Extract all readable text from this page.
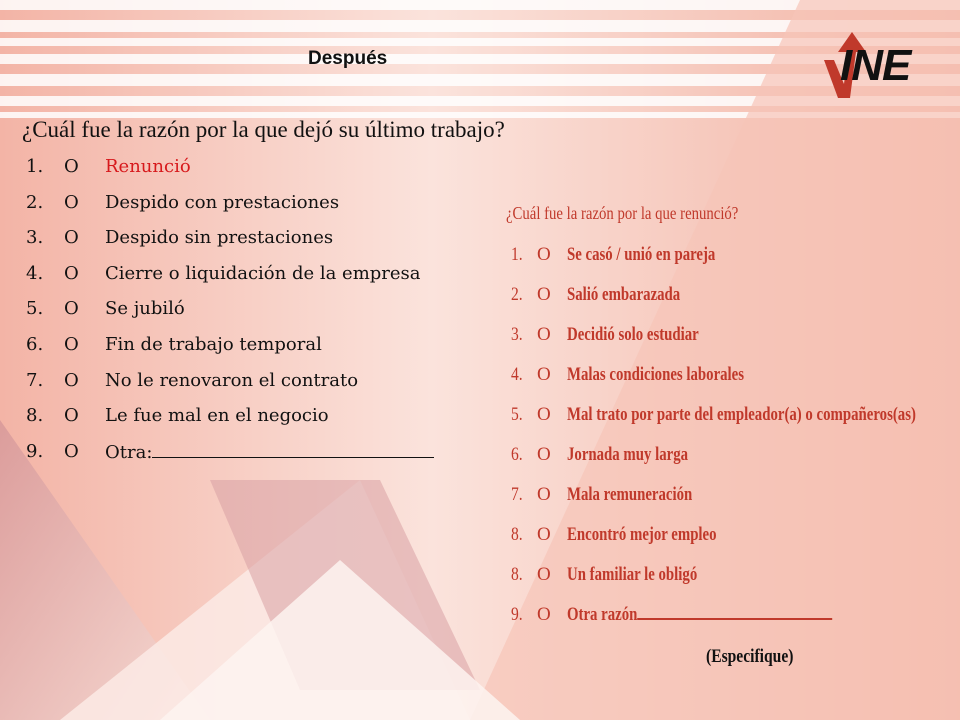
Después	INE
¿Cuál fue la razón por la que dejó su último trabajo?
1. O Renunció
2. O Despido con prestaciones
3. O Despido sin prestaciones
4. O Cierre o liquidación de la empresa
5. O Se jubiló
6. O Fin de trabajo temporal
7. O No le renovaron el contrato
8. O Le fue mal en el negocio
9. O Otra:
¿Cuál fue la razón por la que renunció?
1. O Se casó / unió en pareja
2. O Salió embarazada
3. O Decidió solo estudiar
4. O Malas condiciones laborales
5. O Mal trato por parte del empleador(a) o compañeros(as)
6. O Jornada muy larga
7. O Mala remuneración
8. O Encontró mejor empleo
8. O Un familiar le obligó
9. O Otra razón
(Especifique)
